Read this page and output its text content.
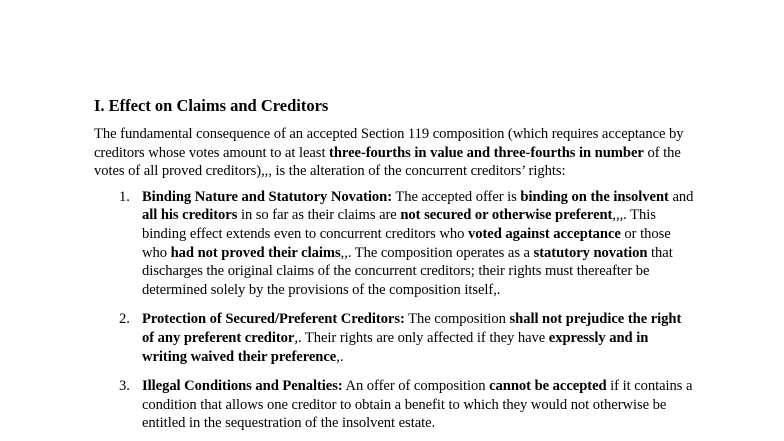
I. Effect on Claims and Creditors

The fundamental consequence of an accepted Section 119 composition (which requires acceptance by creditors whose votes amount to at least three-fourths in value and three-fourths in number of the votes of all proved creditors),,, is the alteration of the concurrent creditors’ rights:

1. Binding Nature and Statutory Novation: The accepted offer is binding on the insolvent and all his creditors in so far as their claims are not secured or otherwise preferent,,,. This binding effect extends even to concurrent creditors who voted against acceptance or those who had not proved their claims,,. The composition operates as a statutory novation that discharges the original claims of the concurrent creditors; their rights must thereafter be determined solely by the provisions of the composition itself,.
2. Protection of Secured/Preferent Creditors: The composition shall not prejudice the right of any preferent creditor,. Their rights are only affected if they have expressly and in writing waived their preference,.
3. Illegal Conditions and Penalties: An offer of composition cannot be accepted if it contains a condition that allows one creditor to obtain a benefit to which they would not otherwise be entitled in the sequestration of the insolvent estate.
